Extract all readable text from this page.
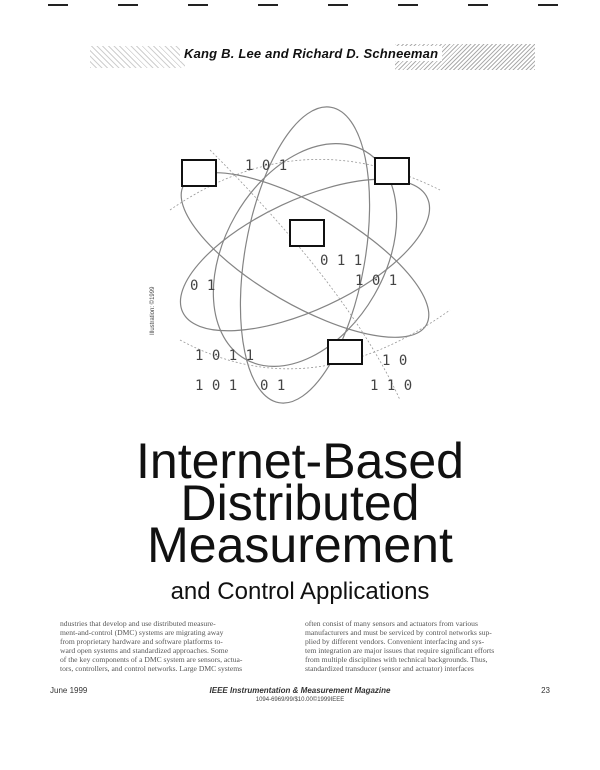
Kang B. Lee and Richard D. Schneeman
1 0 1
0 1 1
1 0 1
0 1
1 0 1 1
1 0 1
1 0
1 1 0
0 1
Illustration: ©1999
Internet-Based
Distributed
Measurement
and Control Applications

ndustries that develop and use distributed measure-

ment-and-control (DMC) systems are migrating away

from proprietary hardware and software platforms to-

ward open systems and standardized approaches. Some

of the key components of a DMC system are sensors, actua-

tors, controllers, and control networks. Large DMC systems

often consist of many sensors and actuators from various

manufacturers and must be serviced by control networks sup-

plied by different vendors. Convenient interfacing and sys-

tem integration are major issues that require significant efforts

from multiple disciplines with technical backgrounds. Thus,

standardized transducer (sensor and actuator) interfaces

June 1999	IEEE Instrumentation & Measurement Magazine	23
1094-6969/99/$10.00©1999IEEE
